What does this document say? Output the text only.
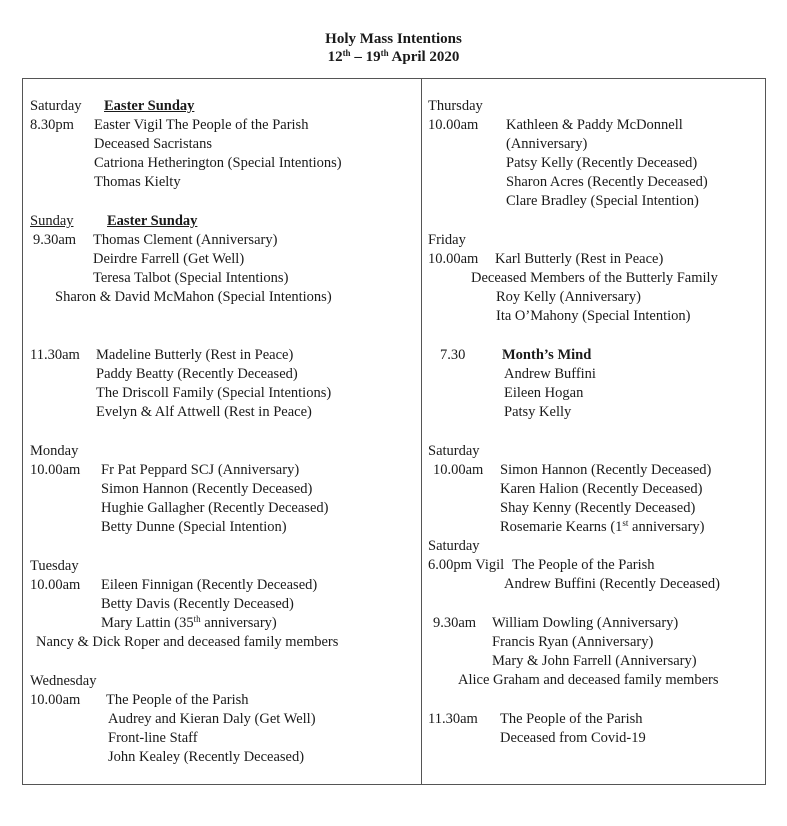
Holy Mass Intentions
12th – 19th April 2020
Saturday Easter Sunday
8.30pm Easter Vigil The People of the Parish
Deceased Sacristans
Catriona Hetherington (Special Intentions)
Thomas Kielty
Sunday Easter Sunday
9.30am Thomas Clement (Anniversary)
Deirdre Farrell (Get Well)
Teresa Talbot (Special Intentions)
Sharon & David McMahon (Special Intentions)
11.30am Madeline Butterly (Rest in Peace)
Paddy Beatty (Recently Deceased)
The Driscoll Family (Special Intentions)
Evelyn & Alf Attwell (Rest in Peace)
Monday
10.00am Fr Pat Peppard SCJ (Anniversary)
Simon Hannon (Recently Deceased)
Hughie Gallagher (Recently Deceased)
Betty Dunne (Special Intention)
Tuesday
10.00am Eileen Finnigan (Recently Deceased)
Betty Davis (Recently Deceased)
Mary Lattin (35th anniversary)
Nancy & Dick Roper and deceased family members
Wednesday
10.00am The People of the Parish
Audrey and Kieran Daly (Get Well)
Front-line Staff
John Kealey (Recently Deceased)
Thursday
10.00am Kathleen & Paddy McDonnell
(Anniversary)
Patsy Kelly (Recently Deceased)
Sharon Acres (Recently Deceased)
Clare Bradley (Special Intention)
Friday
10.00am Karl Butterly (Rest in Peace)
Deceased Members of the Butterly Family
Roy Kelly (Anniversary)
Ita O’Mahony (Special Intention)
7.30	Month’s Mind
Andrew Buffini
Eileen Hogan
Patsy Kelly
Saturday
10.00am Simon Hannon (Recently Deceased)
Karen Halion (Recently Deceased)
Shay Kenny (Recently Deceased)
Rosemarie Kearns (1st anniversary)
Saturday
6.00pm Vigil The People of the Parish
Andrew Buffini (Recently Deceased)
9.30am William Dowling (Anniversary)
Francis Ryan (Anniversary)
Mary & John Farrell (Anniversary)
Alice Graham and deceased family members
11.30am The People of the Parish
Deceased from Covid-19
